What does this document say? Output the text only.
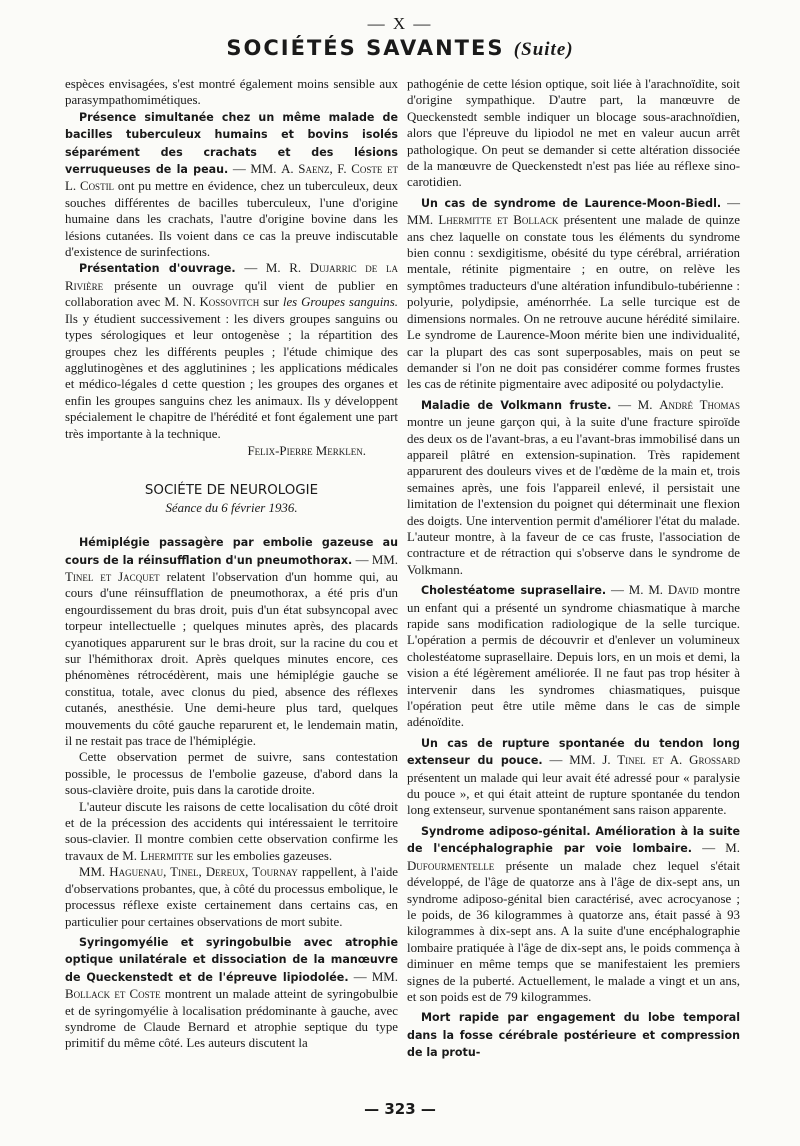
— X —
SOCIÉTÉS SAVANTES (Suite)

espèces envisagées, s'est montré également moins sensible aux parasympathomimétiques.

Présence simultanée chez un même malade de bacilles tuberculeux humains et bovins isolés séparément des crachats et des lésions verruqueuses de la peau. — MM. A. Saenz, F. Coste et L. Costil ont pu mettre en évidence, chez un tuberculeux, deux souches différentes de bacilles tuberculeux, l'une d'origine humaine dans les crachats, l'autre d'origine bovine dans les lésions cutanées. Ils voient dans ce cas la preuve indiscutable d'existence de surinfections.

Présentation d'ouvrage. — M. R. Dujarric de la Rivière présente un ouvrage qu'il vient de publier en collaboration avec M. N. Kossovitch sur les Groupes sanguins. Ils y étudient successivement : les divers groupes sanguins ou types sérologiques et leur ontogenèse ; la répartition des groupes chez les différents peuples ; l'étude chimique des agglutinogènes et des agglutinines ; les applications médicales et médico-légales d cette question ; les groupes des organes et enfin les groupes sanguins chez les animaux. Ils y développent spécialement le chapitre de l'hérédité et font également une part très importante à la technique.

Felix-Pierre Merklen.

SOCIÉTE DE NEUROLOGIE

Séance du 6 février 1936.

Hémiplégie passagère par embolie gazeuse au cours de la réinsufflation d'un pneumothorax. — MM. Tinel et Jacquet relatent l'observation d'un homme qui, au cours d'une réinsufflation de pneumothorax, a été pris d'un engourdissement du bras droit, puis d'un état subsyncopal avec torpeur intellectuelle ; quelques minutes après, des placards cyanotiques apparurent sur le bras droit, sur la racine du cou et sur l'hémithorax droit. Après quelques minutes encore, ces phénomènes rétrocédèrent, mais une hémiplégie gauche se constitua, totale, avec clonus du pied, absence des réflexes cutanés, anesthésie. Une demi-heure plus tard, quelques mouvements du côté gauche reparurent et, le lendemain matin, il ne restait pas trace de l'hémiplégie.

Cette observation permet de suivre, sans contestation possible, le processus de l'embolie gazeuse, d'abord dans la sous-clavière droite, puis dans la carotide droite.

L'auteur discute les raisons de cette localisation du côté droit et de la précession des accidents qui intéressaient le territoire sous-clavier. Il montre combien cette observation confirme les travaux de M. Lhermitte sur les embolies gazeuses.

MM. Haguenau, Tinel, Dereux, Tournay rappellent, à l'aide d'observations probantes, que, à côté du processus embolique, le processus réflexe existe certainement dans certains cas, en particulier pour certaines observations de mort subite.

Syringomyélie et syringobulbie avec atrophie optique unilatérale et dissociation de la manœuvre de Queckenstedt et de l'épreuve lipiodolée. — MM. Bollack et Coste montrent un malade atteint de syringobulbie et de syringomyélie à localisation prédominante à gauche, avec syndrome de Claude Bernard et atrophie septique du type primitif du même côté. Les auteurs discutent la

pathogénie de cette lésion optique, soit liée à l'arachnoïdite, soit d'origine sympathique. D'autre part, la manœuvre de Queckenstedt semble indiquer un blocage sous-arachnoïdien, alors que l'épreuve du lipiodol ne met en valeur aucun arrêt pathologique. On peut se demander si cette altération dissociée de la manœuvre de Queckenstedt n'est pas liée au réflexe sino-carotidien.

Un cas de syndrome de Laurence-Moon-Biedl. — MM. Lhermitte et Bollack présentent une malade de quinze ans chez laquelle on constate tous les éléments du syndrome bien connu : sexdigitisme, obésité du type cérébral, arriération mentale, rétinite pigmentaire ; en outre, on relève les symptômes traducteurs d'une altération infundibulo-tubérienne : polyurie, polydipsie, aménorrhée. La selle turcique est de dimensions normales. On ne retrouve aucune hérédité similaire. Le syndrome de Laurence-Moon mérite bien une individualité, car la plupart des cas sont superposables, mais on peut se demander si l'on ne doit pas considérer comme formes frustes les cas de rétinite pigmentaire avec adiposité ou polydactylie.

Maladie de Volkmann fruste. — M. André Thomas montre un jeune garçon qui, à la suite d'une fracture spiroïde des deux os de l'avant-bras, a eu l'avant-bras immobilisé dans un appareil plâtré en extension-supination. Très rapidement apparurent des douleurs vives et de l'œdème de la main et, trois semaines après, une fois l'appareil enlevé, il persistait une limitation de l'extension du poignet qui déterminait une flexion des doigts. Une intervention permit d'améliorer l'état du malade. L'auteur montre, à la faveur de ce cas fruste, l'association de contracture et de rétraction qui s'observe dans le syndrome de Volkmann.

Cholestéatome suprasellaire. — M. M. David montre un enfant qui a présenté un syndrome chiasmatique à marche rapide sans modification radiologique de la selle turcique. L'opération a permis de découvrir et d'enlever un volumineux cholestéatome suprasellaire. Depuis lors, en un mois et demi, la vision a été légèrement améliorée. Il ne faut pas trop hésiter à intervenir dans les syndromes chiasmatiques, puisque l'opération peut être utile même dans le cas de simple adénoïdite.

Un cas de rupture spontanée du tendon long extenseur du pouce. — MM. J. Tinel et A. Grossard présentent un malade qui leur avait été adressé pour « paralysie du pouce », et qui était atteint de rupture spontanée du tendon long extenseur, survenue spontanément sans raison apparente.

Syndrome adiposo-génital. Amélioration à la suite de l'encéphalographie par voie lombaire. — M. Dufourmentelle présente un malade chez lequel s'était développé, de l'âge de quatorze ans à l'âge de dix-sept ans, un syndrome adiposo-génital bien caractérisé, avec acrocyanose ; le poids, de 36 kilogrammes à quatorze ans, était passé à 93 kilogrammes à dix-sept ans. A la suite d'une encéphalographie lombaire pratiquée à l'âge de dix-sept ans, le poids commença à diminuer en même temps que se manifestaient les premiers signes de la puberté. Actuellement, le malade a vingt et un ans, et son poids est de 79 kilogrammes.

Mort rapide par engagement du lobe temporal dans la fosse cérébrale postérieure et compression de la protu-

— 323 —
